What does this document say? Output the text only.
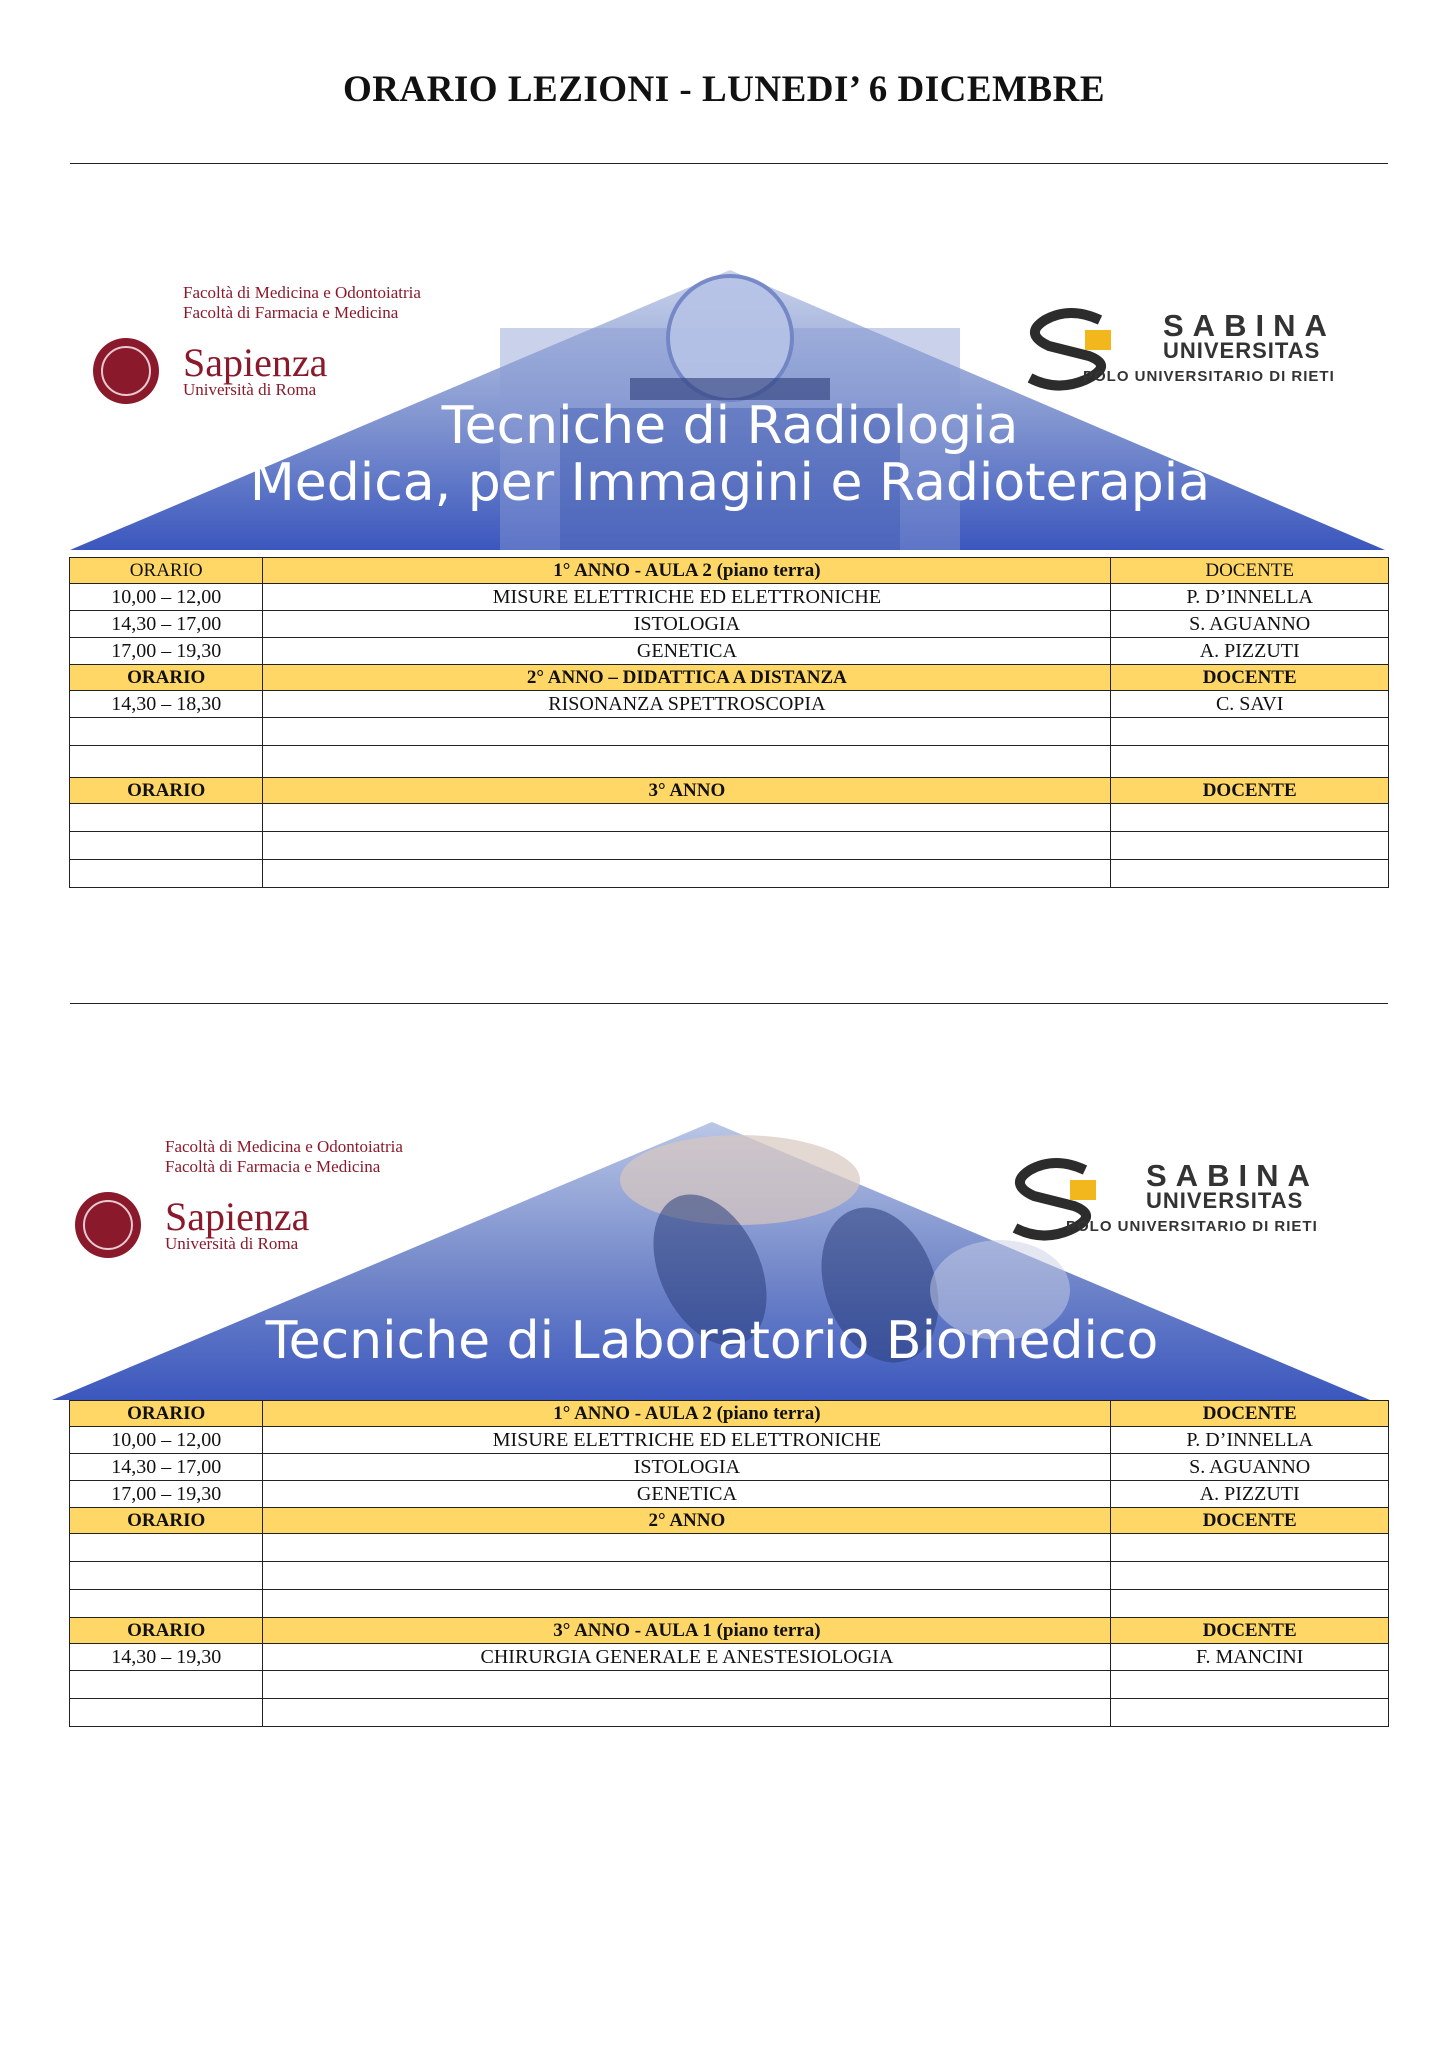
ORARIO LEZIONI - LUNEDI’ 6 DICEMBRE
Facoltà di Medicina e Odontoiatria
Facoltà di Farmacia e Medicina
Sapienza
Università di Roma
SABINA
UNIVERSITAS
POLO UNIVERSITARIO DI RIETI
Tecniche di Radiologia
Medica, per Immagini e Radioterapia
ORARIO	1° ANNO - AULA 2 (piano terra)	DOCENTE
10,00 – 12,00	MISURE ELETTRICHE ED ELETTRONICHE	P. D’INNELLA
14,30 – 17,00	ISTOLOGIA	S. AGUANNO
17,00 – 19,30	GENETICA	A. PIZZUTI
ORARIO	2° ANNO – DIDATTICA A DISTANZA	DOCENTE
14,30 – 18,30	RISONANZA SPETTROSCOPIA	C. SAVI

ORARIO	3° ANNO	DOCENTE

Facoltà di Medicina e Odontoiatria
Facoltà di Farmacia e Medicina
Sapienza
Università di Roma
SABINA
UNIVERSITAS
POLO UNIVERSITARIO DI RIETI
Tecniche di Laboratorio Biomedico
ORARIO	1° ANNO - AULA 2 (piano terra)	DOCENTE
10,00 – 12,00	MISURE ELETTRICHE ED ELETTRONICHE	P. D’INNELLA
14,30 – 17,00	ISTOLOGIA	S. AGUANNO
17,00 – 19,30	GENETICA	A. PIZZUTI
ORARIO	2° ANNO	DOCENTE

ORARIO	3° ANNO - AULA 1 (piano terra)	DOCENTE
14,30 – 19,30	CHIRURGIA GENERALE E ANESTESIOLOGIA	F. MANCINI
